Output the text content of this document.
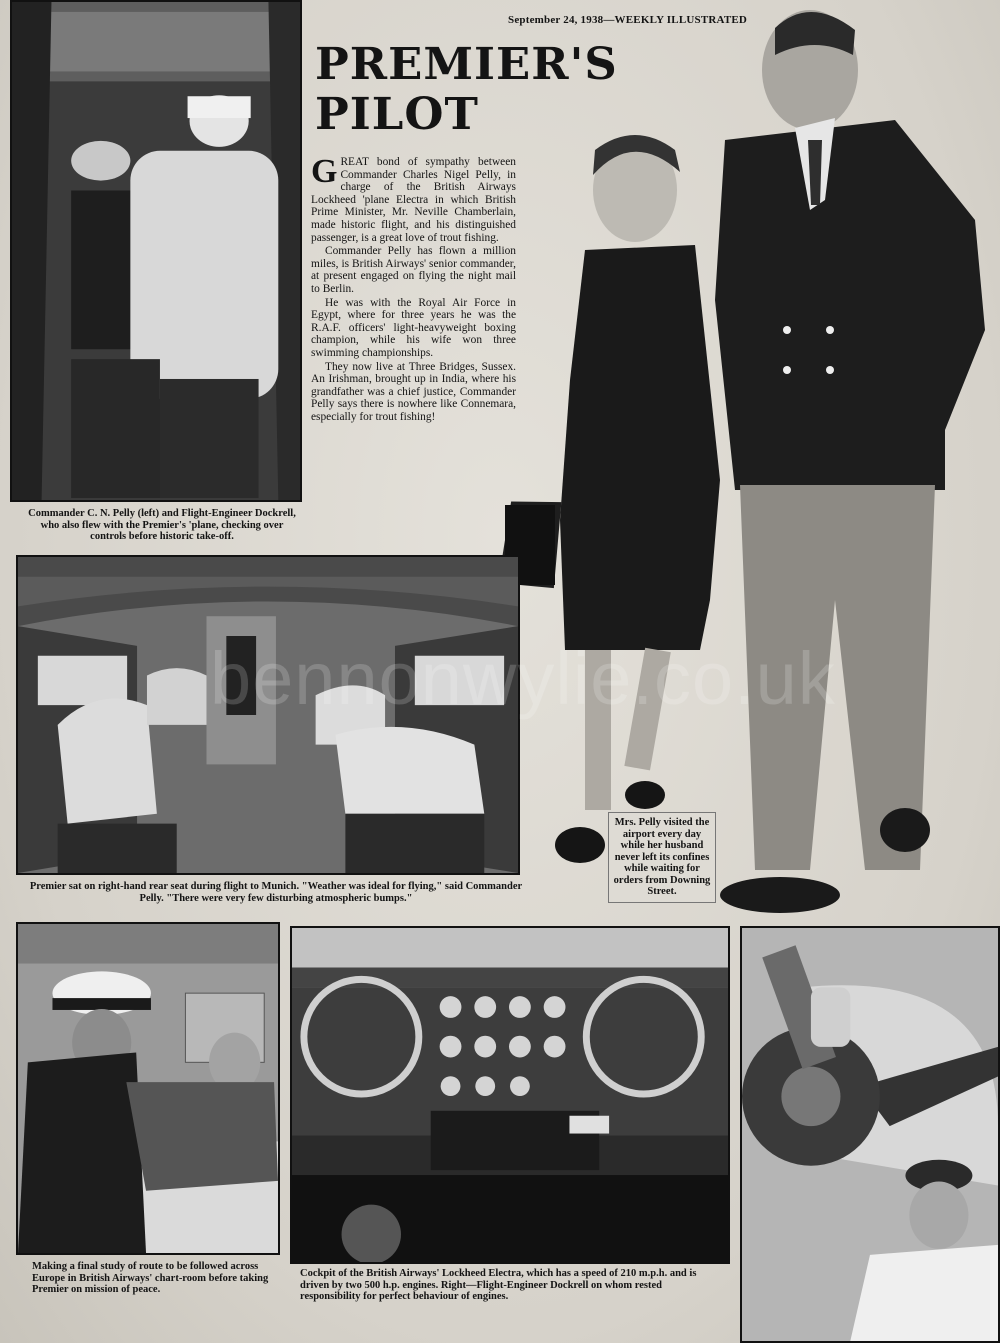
September 24, 1938—WEEKLY ILLUSTRATED
PREMIER'S
PILOT
Commander C. N. Pelly (left) and Flight-Engineer Dockrell, who also flew with the Premier's 'plane, checking over controls before historic take-off.

GREAT bond of sympathy between Commander Charles Nigel Pelly, in charge of the British Airways Lockheed 'plane Electra in which British Prime Minister, Mr. Neville Chamberlain, made historic flight, and his distinguished passenger, is a great love of trout fishing.

Commander Pelly has flown a million miles, is British Airways' senior commander, at present engaged on flying the night mail to Berlin.

He was with the Royal Air Force in Egypt, where for three years he was the R.A.F. officers' light-heavyweight boxing champion, while his wife won three swimming championships.

They now live at Three Bridges, Sussex. An Irishman, brought up in India, where his grandfather was a chief justice, Commander Pelly says there is nowhere like Connemara, especially for trout fishing!

Mrs. Pelly visited the airport every day while her husband never left its confines while waiting for orders from Downing Street.
bennonwylie.co.uk
Premier sat on right-hand rear seat during flight to Munich. "Weather was ideal for flying," said Commander Pelly. "There were very few disturbing atmospheric bumps."
Making a final study of route to be followed across Europe in British Airways' chart-room before taking Premier on mission of peace.
Cockpit of the British Airways' Lockheed Electra, which has a speed of 210 m.p.h. and is driven by two 500 h.p. engines. Right—Flight-Engineer Dockrell on whom rested responsibility for perfect behaviour of engines.
